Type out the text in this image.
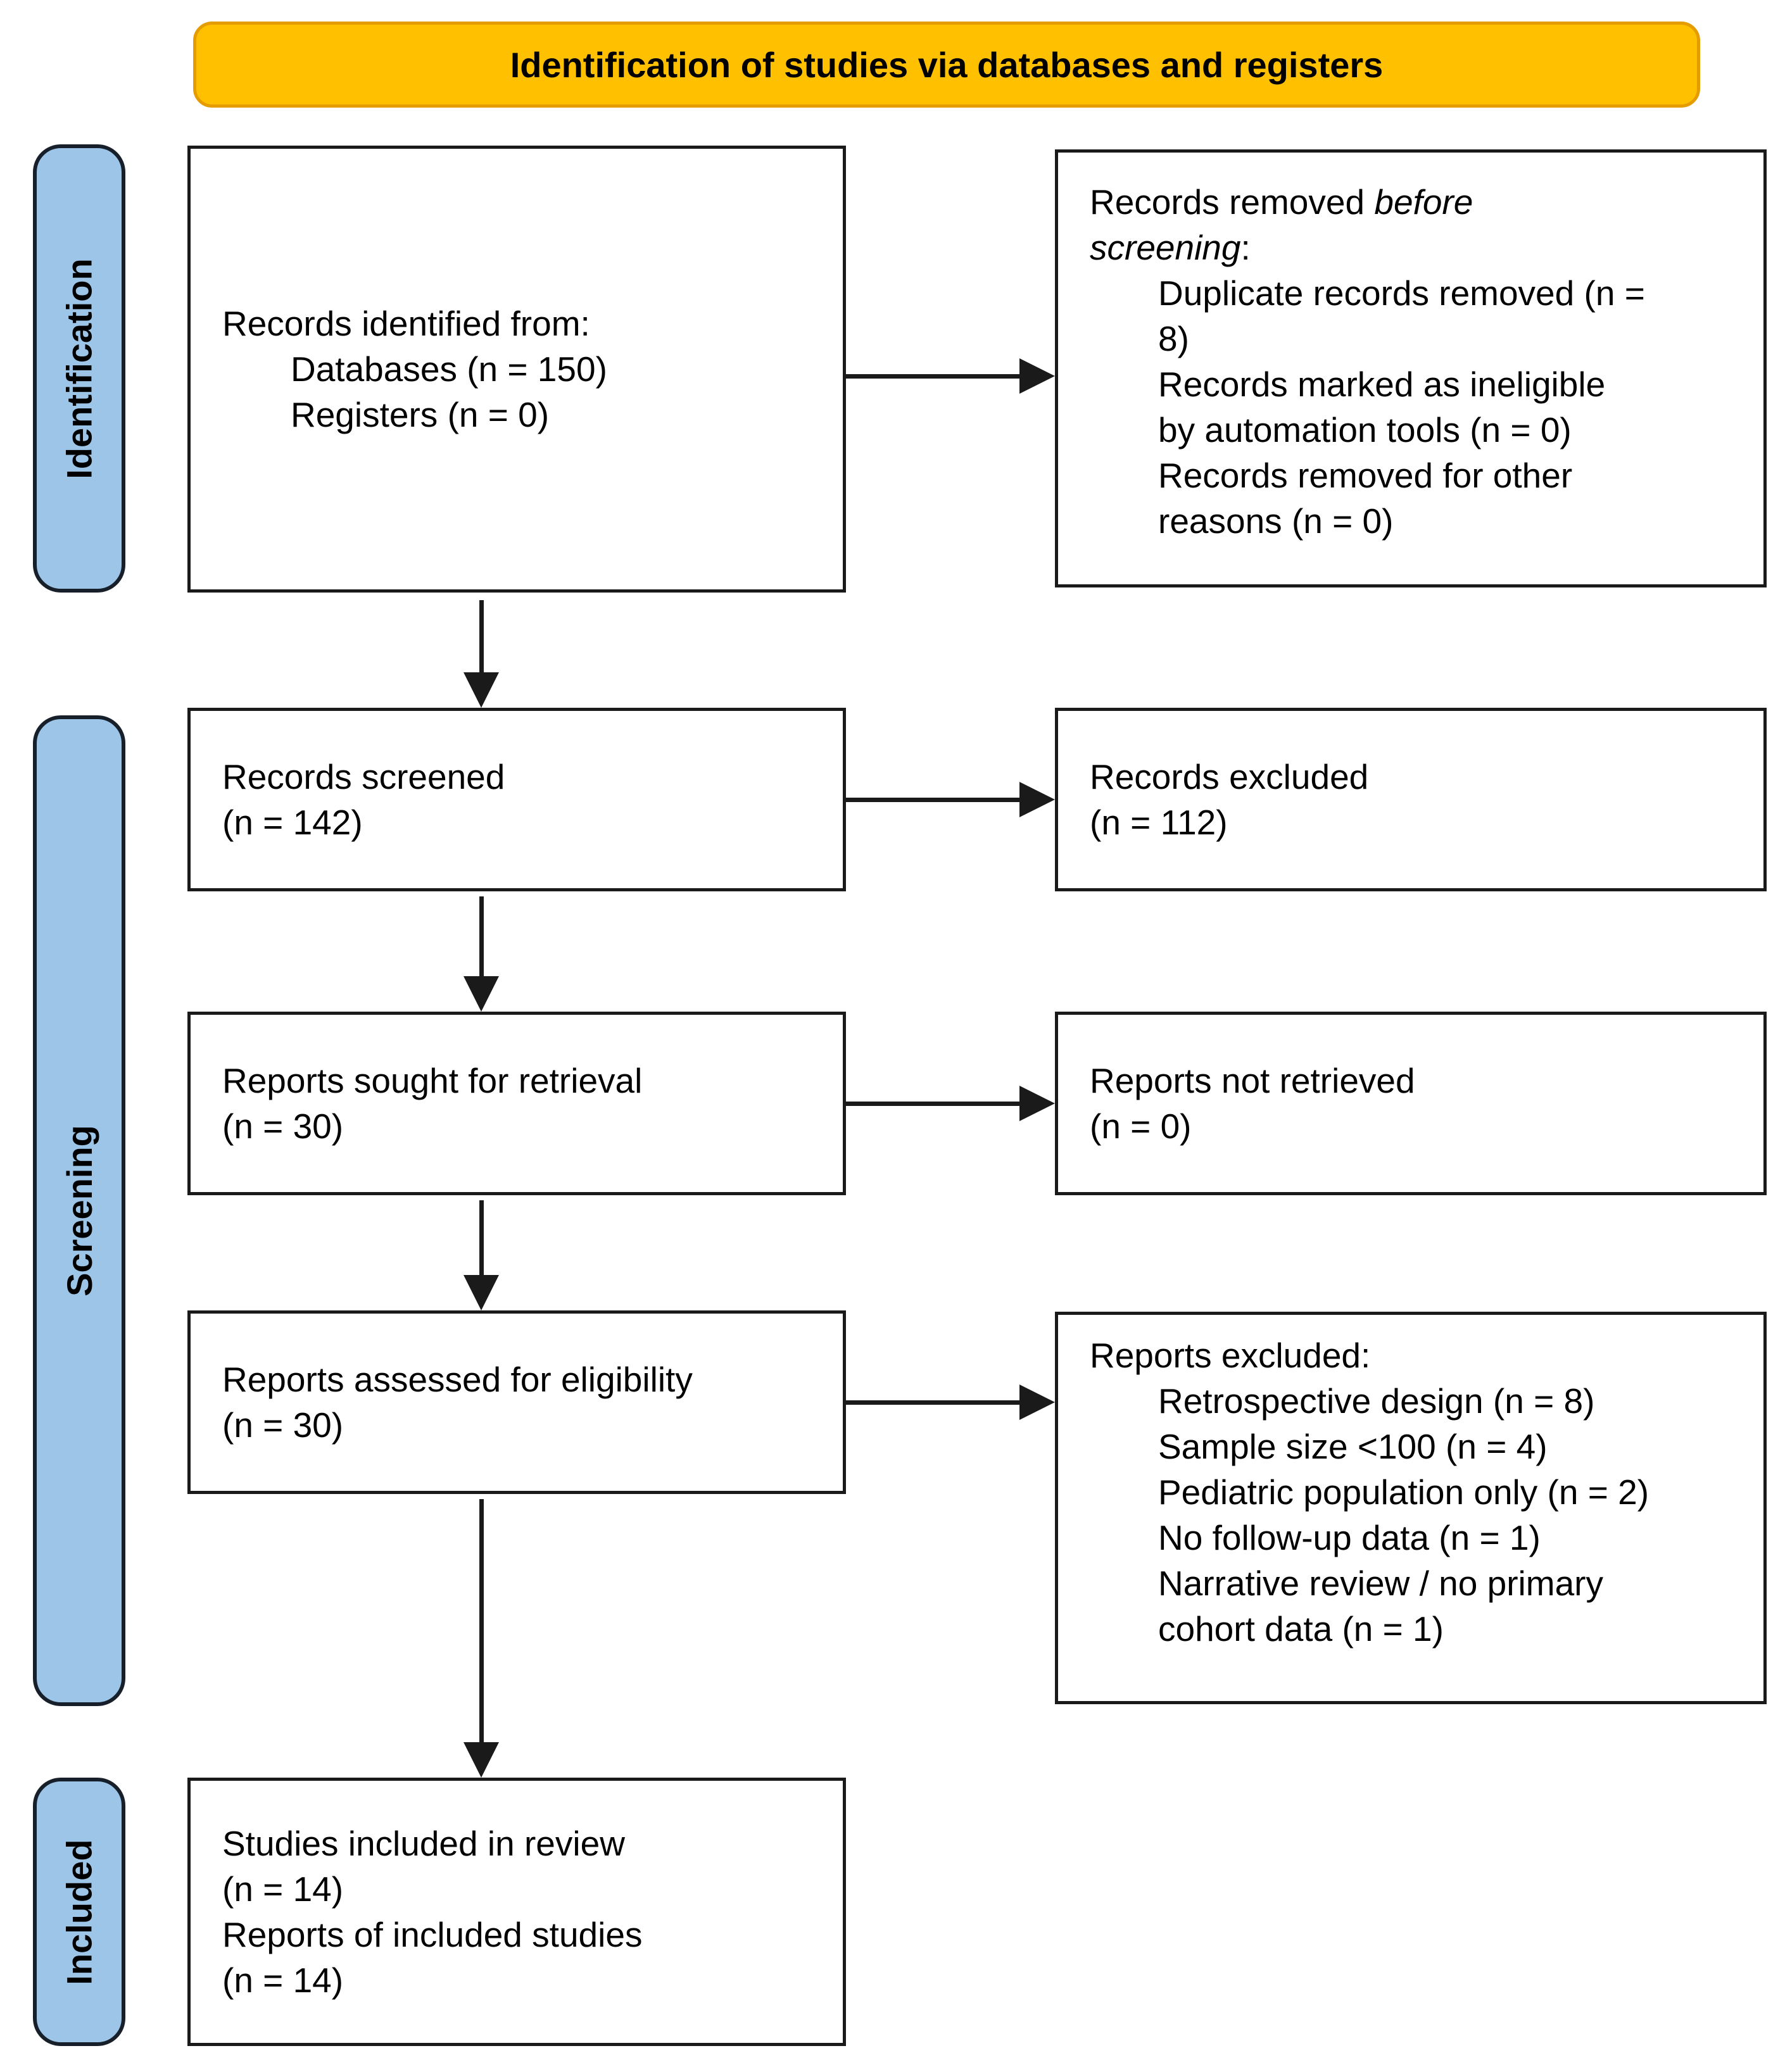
Identification of studies via databases and registers
Identification
Screening
Included
Records identified from:
Databases (n = 150)
Registers (n = 0)
Records removed before
screening:
Duplicate records removed (n =
8)
Records marked as ineligible
by automation tools (n = 0)
Records removed for other
reasons (n = 0)
Records screened
(n = 142)
Records excluded
(n = 112)
Reports sought for retrieval
(n = 30)
Reports not retrieved
(n = 0)
Reports assessed for eligibility
(n = 30)
Reports excluded:
Retrospective design (n = 8)
Sample size <100 (n = 4)
Pediatric population only (n = 2)
No follow-up data (n = 1)
Narrative review / no primary
cohort data (n = 1)
Studies included in review
(n = 14)
Reports of included studies
(n = 14)
